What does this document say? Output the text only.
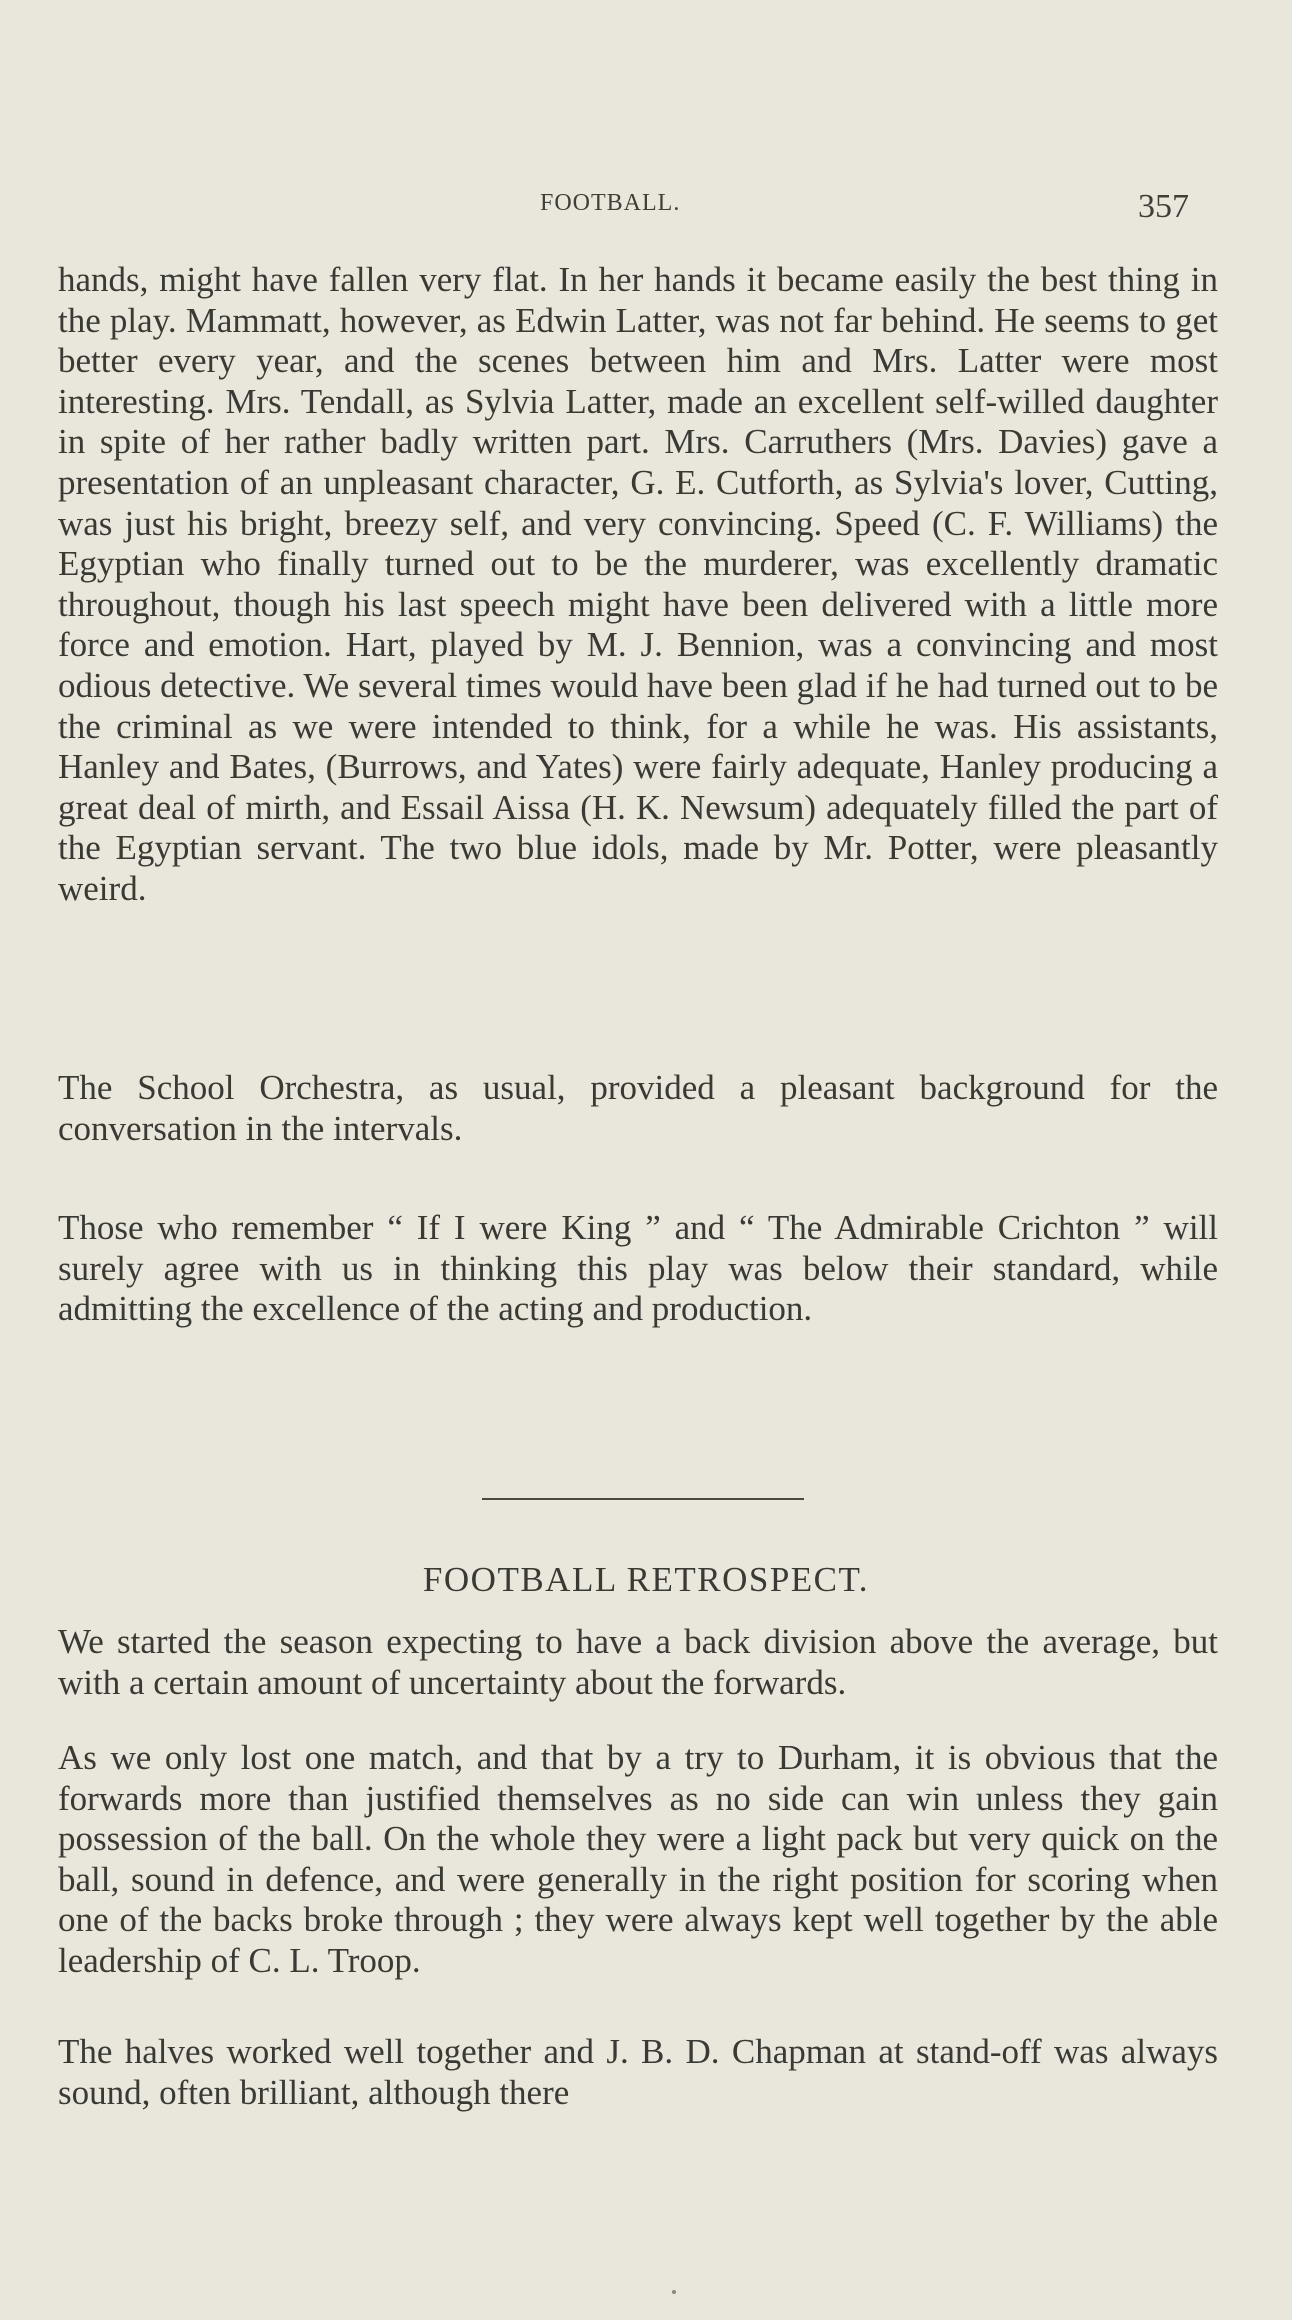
FOOTBALL.	357

hands, might have fallen very flat. In her hands it became easily the best thing in the play. Mammatt, however, as Edwin Latter, was not far behind. He seems to get better every year, and the scenes between him and Mrs. Latter were most interesting. Mrs. Tendall, as Sylvia Latter, made an excellent self-willed daughter in spite of her rather badly written part. Mrs. Carruthers (Mrs. Davies) gave a presentation of an unpleasant character, G. E. Cutforth, as Sylvia's lover, Cutting, was just his bright, breezy self, and very convincing. Speed (C. F. Williams) the Egyptian who finally turned out to be the murderer, was excellently dramatic throughout, though his last speech might have been delivered with a little more force and emotion. Hart, played by M. J. Bennion, was a convincing and most odious detective. We several times would have been glad if he had turned out to be the criminal as we were intended to think, for a while he was. His assistants, Hanley and Bates, (Burrows, and Yates) were fairly adequate, Hanley producing a great deal of mirth, and Essail Aissa (H. K. Newsum) adequately filled the part of the Egyptian servant. The two blue idols, made by Mr. Potter, were pleasantly weird.

The School Orchestra, as usual, provided a pleasant background for the conversation in the intervals.

Those who remember “ If I were King ” and “ The Admirable Crichton ” will surely agree with us in thinking this play was below their standard, while admitting the excellence of the acting and production.

FOOTBALL RETROSPECT.

We started the season expecting to have a back division above the average, but with a certain amount of uncertainty about the forwards.

As we only lost one match, and that by a try to Durham, it is obvious that the forwards more than justified themselves as no side can win unless they gain possession of the ball. On the whole they were a light pack but very quick on the ball, sound in defence, and were generally in the right position for scoring when one of the backs broke through ; they were always kept well together by the able leadership of C. L. Troop.

The halves worked well together and J. B. D. Chapman at stand-off was always sound, often brilliant, although there
